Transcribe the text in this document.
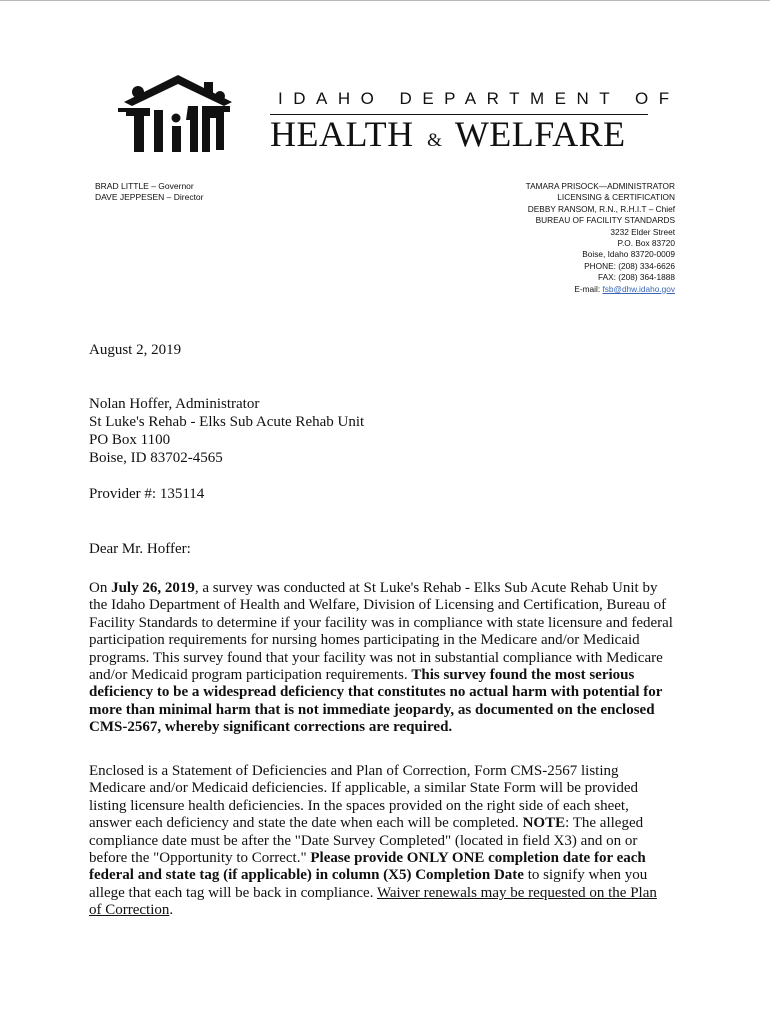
IDAHO DEPARTMENT OF
HEALTH & WELFARE
BRAD LITTLE – Governor
DAVE JEPPESEN – Director
TAMARA PRISOCK—ADMINISTRATOR
LICENSING & CERTIFICATION
DEBBY RANSOM, R.N., R.H.I.T – Chief
BUREAU OF FACILITY STANDARDS
3232 Elder Street
P.O. Box 83720
Boise, Idaho 83720-0009
PHONE: (208) 334-6626
FAX: (208) 364-1888
E-mail: fsb@dhw.idaho.gov
August 2, 2019
Nolan Hoffer, Administrator
St Luke's Rehab - Elks Sub Acute Rehab Unit
PO Box 1100
Boise, ID 83702-4565
Provider #: 135114
Dear Mr. Hoffer:
On July 26, 2019, a survey was conducted at St Luke's Rehab - Elks Sub Acute Rehab Unit by
the Idaho Department of Health and Welfare, Division of Licensing and Certification, Bureau of
Facility Standards to determine if your facility was in compliance with state licensure and federal
participation requirements for nursing homes participating in the Medicare and/or Medicaid
programs. This survey found that your facility was not in substantial compliance with Medicare
and/or Medicaid program participation requirements. This survey found the most serious
deficiency to be a widespread deficiency that constitutes no actual harm with potential for
more than minimal harm that is not immediate jeopardy, as documented on the enclosed
CMS-2567, whereby significant corrections are required.
Enclosed is a Statement of Deficiencies and Plan of Correction, Form CMS-2567 listing
Medicare and/or Medicaid deficiencies. If applicable, a similar State Form will be provided
listing licensure health deficiencies. In the spaces provided on the right side of each sheet,
answer each deficiency and state the date when each will be completed. NOTE: The alleged
compliance date must be after the "Date Survey Completed" (located in field X3) and on or
before the "Opportunity to Correct." Please provide ONLY ONE completion date for each
federal and state tag (if applicable) in column (X5) Completion Date to signify when you
allege that each tag will be back in compliance. Waiver renewals may be requested on the Plan
of Correction.
